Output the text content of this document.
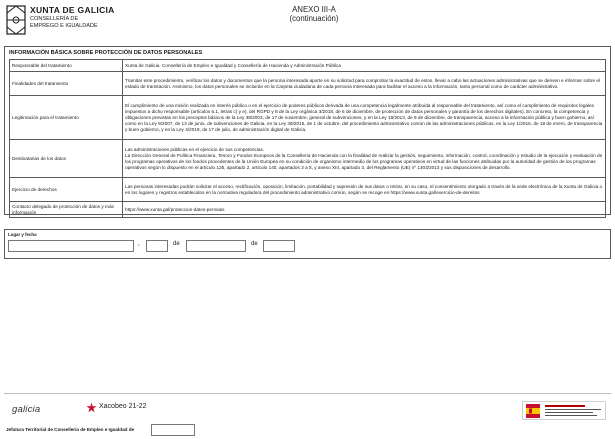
XUNTA DE GALICIA
CONSELLERÍA DE
EMPREGO E IGUALDADE
ANEXO III-A
(continuación)
INFORMACIÓN BÁSICA SOBRE PROTECCIÓN DE DATOS PERSONALES
Responsable del tratamiento	Xunta de Galicia. Consellería de Empleo e Igualdad y Consellería de Hacienda y Administración Pública
Finalidades del tratamiento	Tramitar este procedimiento, verificar los datos y documentos que la persona interesada aporte en su solicitud para comprobar la exactitud de estos, llevar a cabo las actuaciones administrativas que se deriven e informar sobre el estado de tramitación. Asimismo, los datos personales se incluirán en la Carpeta ciudadana de cada persona interesada para facilitar el acceso a la información, tanto personal como de carácter administrativo.
Legitimación para el tratamiento	El cumplimiento de una misión realizada en interés público o en el ejercicio de poderes públicos derivada de una competencia legalmente atribuida al responsable del tratamiento, así como el cumplimiento de requisitos legales impuestos a dicho responsable (artículos 6.1, letras c) y e), del RGPD y 8 de la Ley orgánica 3/2018, de 5 de diciembre, de protección de datos personales y garantía de los derechos digitales). En concreto, la competencia y obligaciones previstas en los preceptos básicos de la Ley 38/2003, de 17 de noviembre, general de subvenciones, y en la Ley 19/2013, de 9 de diciembre, de transparencia, acceso a la información pública y buen gobierno, así como en la Ley 9/2007, de 13 de junio, de subvenciones de Galicia, en la Ley 39/2015, de 1 de octubre, del procedimiento administrativo común de las administraciones públicas, en la Ley 1/2016, de 18 de enero, de transparencia y buen gobierno, y en la Ley 4/2019, de 17 de julio, de administración digital de Galicia.
Destinatarias de los datos	Las administraciones públicas en el ejercicio de sus competencias.
La Dirección General de Política Financiera, Tesoro y Fondos Europeos de la Consellería de Hacienda con la finalidad de realizar la gestión, seguimiento, información, control, coordinación y estudio de la ejecución y evaluación de los programas operativos de los fondos procedentes de la Unión Europea en su condición de organismo intermedio de los programas operativos en virtud de las funciones atribuidas por la autoridad de gestión de los programas operativos según lo dispuesto en el artículo 125, apartado 2, artículo 140, apartados 3 a 5, y anexo XIII, apartado 3, del Reglamento (UE) nº 1303/2013 y sus disposiciones de desarrollo.
Ejercicio de derechos	Las personas interesadas podrán solicitar el acceso, rectificación, oposición, limitación, portabilidad y supresión de sus datos o retirar, en su caso, el consentimiento otorgado a través de la sede electrónica de la Xunta de Galicia o en los lugares y registros establecidos en la normativa reguladora del procedimiento administrativo común, según se recoge en https://www.xunta.gal/exercicio-de-dereitos
Contacto delegado de protección de datos y más información	https://www.xunta.gal/proteccion-datos-persoais
Lugar y fecha
,	de	de
galicia	Xacobeo 21-22
Jefatura Territorial de Consellería de Empleo e Igualdad de
